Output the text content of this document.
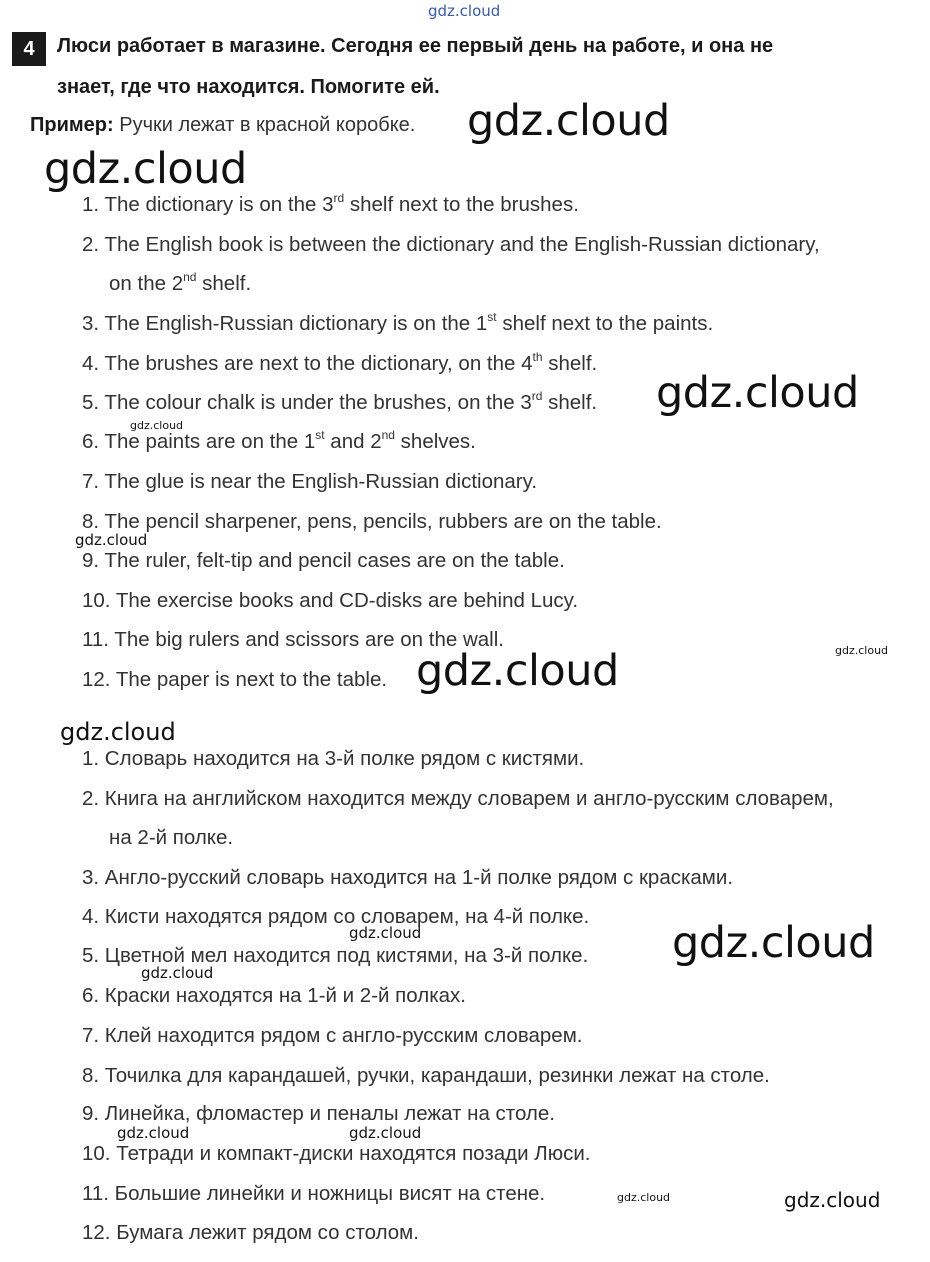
gdz.cloud
4	Люси работает в магазине. Сегодня ее первый день на работе, и она не
знает, где что находится. Помогите ей.
Пример: Ручки лежат в красной коробке.
1. The dictionary is on the 3rd shelf next to the brushes.
2. The English book is between the dictionary and the English-Russian dictionary,
on the 2nd shelf.
3. The English-Russian dictionary is on the 1st shelf next to the paints.
4. The brushes are next to the dictionary, on the 4th shelf.
5. The colour chalk is under the brushes, on the 3rd shelf.
6. The paints are on the 1st and 2nd shelves.
7. The glue is near the English-Russian dictionary.
8. The pencil sharpener, pens, pencils, rubbers are on the table.
9. The ruler, felt-tip and pencil cases are on the table.
10. The exercise books and CD-disks are behind Lucy.
11. The big rulers and scissors are on the wall.
12. The paper is next to the table.
1. Словарь находится на 3-й полке рядом с кистями.
2. Книга на английском находится между словарем и англо-русским словарем,
на 2-й полке.
3. Англо-русский словарь находится на 1-й полке рядом с красками.
4. Кисти находятся рядом со словарем, на 4-й полке.
5. Цветной мел находится под кистями, на 3-й полке.
6. Краски находятся на 1-й и 2-й полках.
7. Клей находится рядом с англо-русским словарем.
8. Точилка для карандашей, ручки, карандаши, резинки лежат на столе.
9. Линейка, фломастер и пеналы лежат на столе.
10. Тетради и компакт-диски находятся позади Люси.
11. Большие линейки и ножницы висят на стене.
12. Бумага лежит рядом со столом.
gdz.cloud
gdz.cloud
gdz.cloud
gdz.cloud
gdz.cloud
gdz.cloud
gdz.cloud
gdz.cloud
gdz.cloud
gdz.cloud
gdz.cloud
gdz.cloud	gdz.cloud
gdz.cloud	gdz.cloud
